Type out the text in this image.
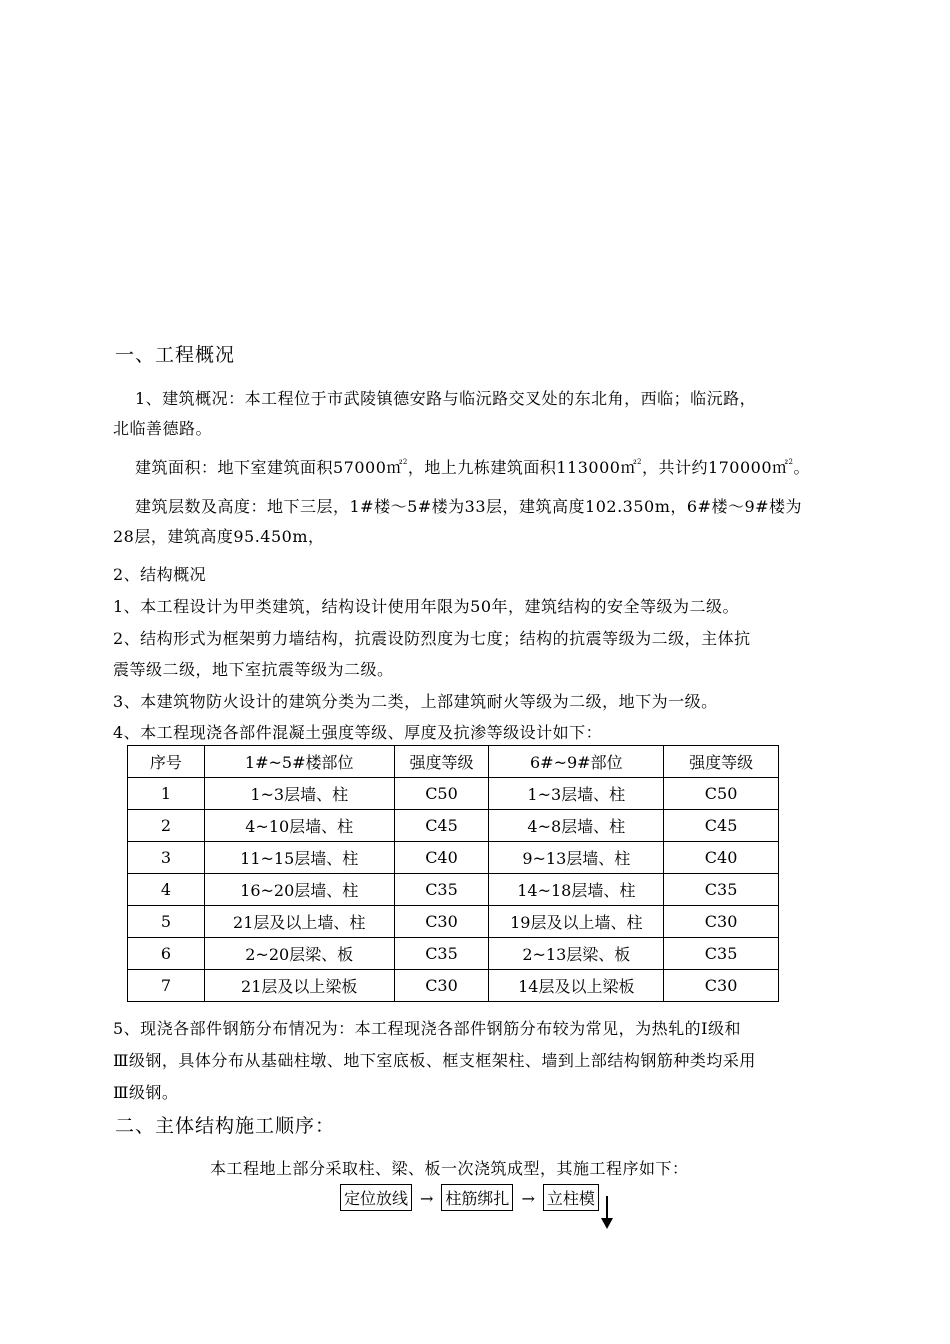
一、工程概况
1、建筑概况：本工程位于市武陵镇德安路与临沅路交叉处的东北角，西临；临沅路，
北临善德路。
建筑面积：地下室建筑面积57000㎡$^2$，地上九栋建筑面积113000㎡$^2$，共计约170000㎡$^2$。
建筑层数及高度：地下三层，1#楼～5#楼为33层，建筑高度102.350m，6#楼～9#楼为
28层，建筑高度95.450m，
2、结构概况
1、本工程设计为甲类建筑，结构设计使用年限为50年，建筑结构的安全等级为二级。
2、结构形式为框架剪力墙结构，抗震设防烈度为七度；结构的抗震等级为二级，主体抗
震等级二级，地下室抗震等级为二级。
3、本建筑物防火设计的建筑分类为二类，上部建筑耐火等级为二级，地下为一级。
4、本工程现浇各部件混凝土强度等级、厚度及抗渗等级设计如下：
序号	1#~5#楼部位	强度等级	6#~9#部位	强度等级
1	1~3层墙、柱	C50	1~3层墙、柱	C50
2	4~10层墙、柱	C45	4~8层墙、柱	C45
3	11~15层墙、柱	C40	9~13层墙、柱	C40
4	16~20层墙、柱	C35	14~18层墙、柱	C35
5	21层及以上墙、柱	C30	19层及以上墙、柱	C30
6	2~20层梁、板	C35	2~13层梁、板	C35
7	21层及以上梁板	C30	14层及以上梁板	C30
5、现浇各部件钢筋分布情况为：本工程现浇各部件钢筋分布较为常见，为热轧的Ⅰ级和
Ⅲ级钢，具体分布从基础柱墩、地下室底板、框支框架柱、墙到上部结构钢筋种类均采用
Ⅲ级钢。
二、主体结构施工顺序：
本工程地上部分采取柱、梁、板一次浇筑成型，其施工程序如下：
定位放线 → 柱筋绑扎 → 立柱模
